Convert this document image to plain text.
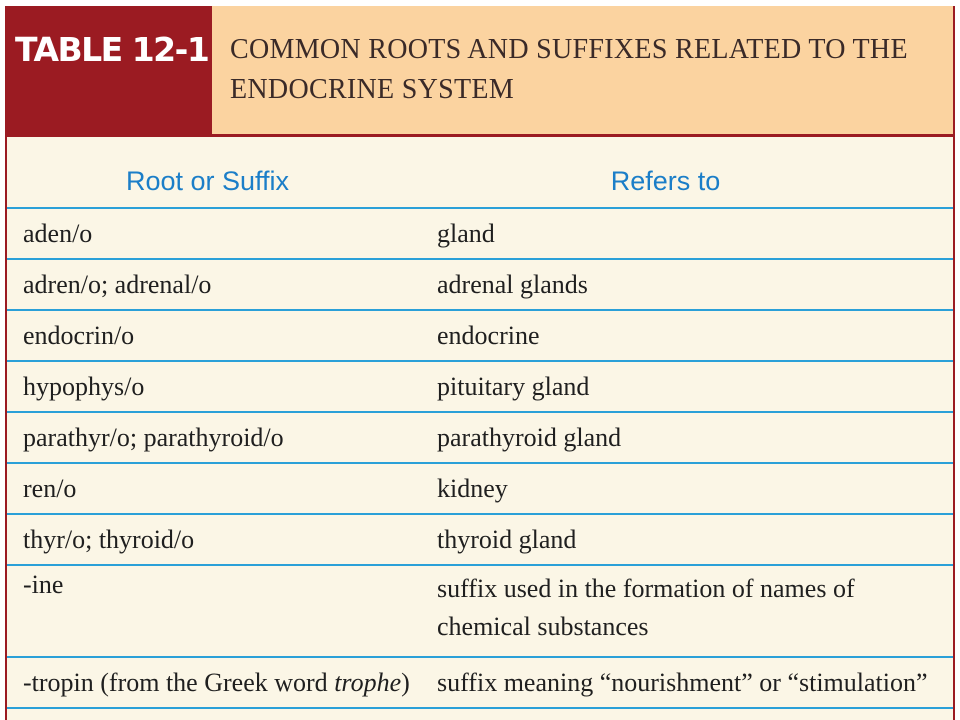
TABLE 12-1 COMMON ROOTS AND SUFFIXES RELATED TO THE ENDOCRINE SYSTEM
Root or Suffix	Refers to
aden/o	gland
adren/o; adrenal/o	adrenal glands
endocrin/o	endocrine
hypophys/o	pituitary gland
parathyr/o; parathyroid/o	parathyroid gland
ren/o	kidney
thyr/o; thyroid/o	thyroid gland
-ine	suffix used in the formation of names of chemical substances
-tropin (from the Greek word trophe)	suffix meaning “nourishment” or “stimulation”
